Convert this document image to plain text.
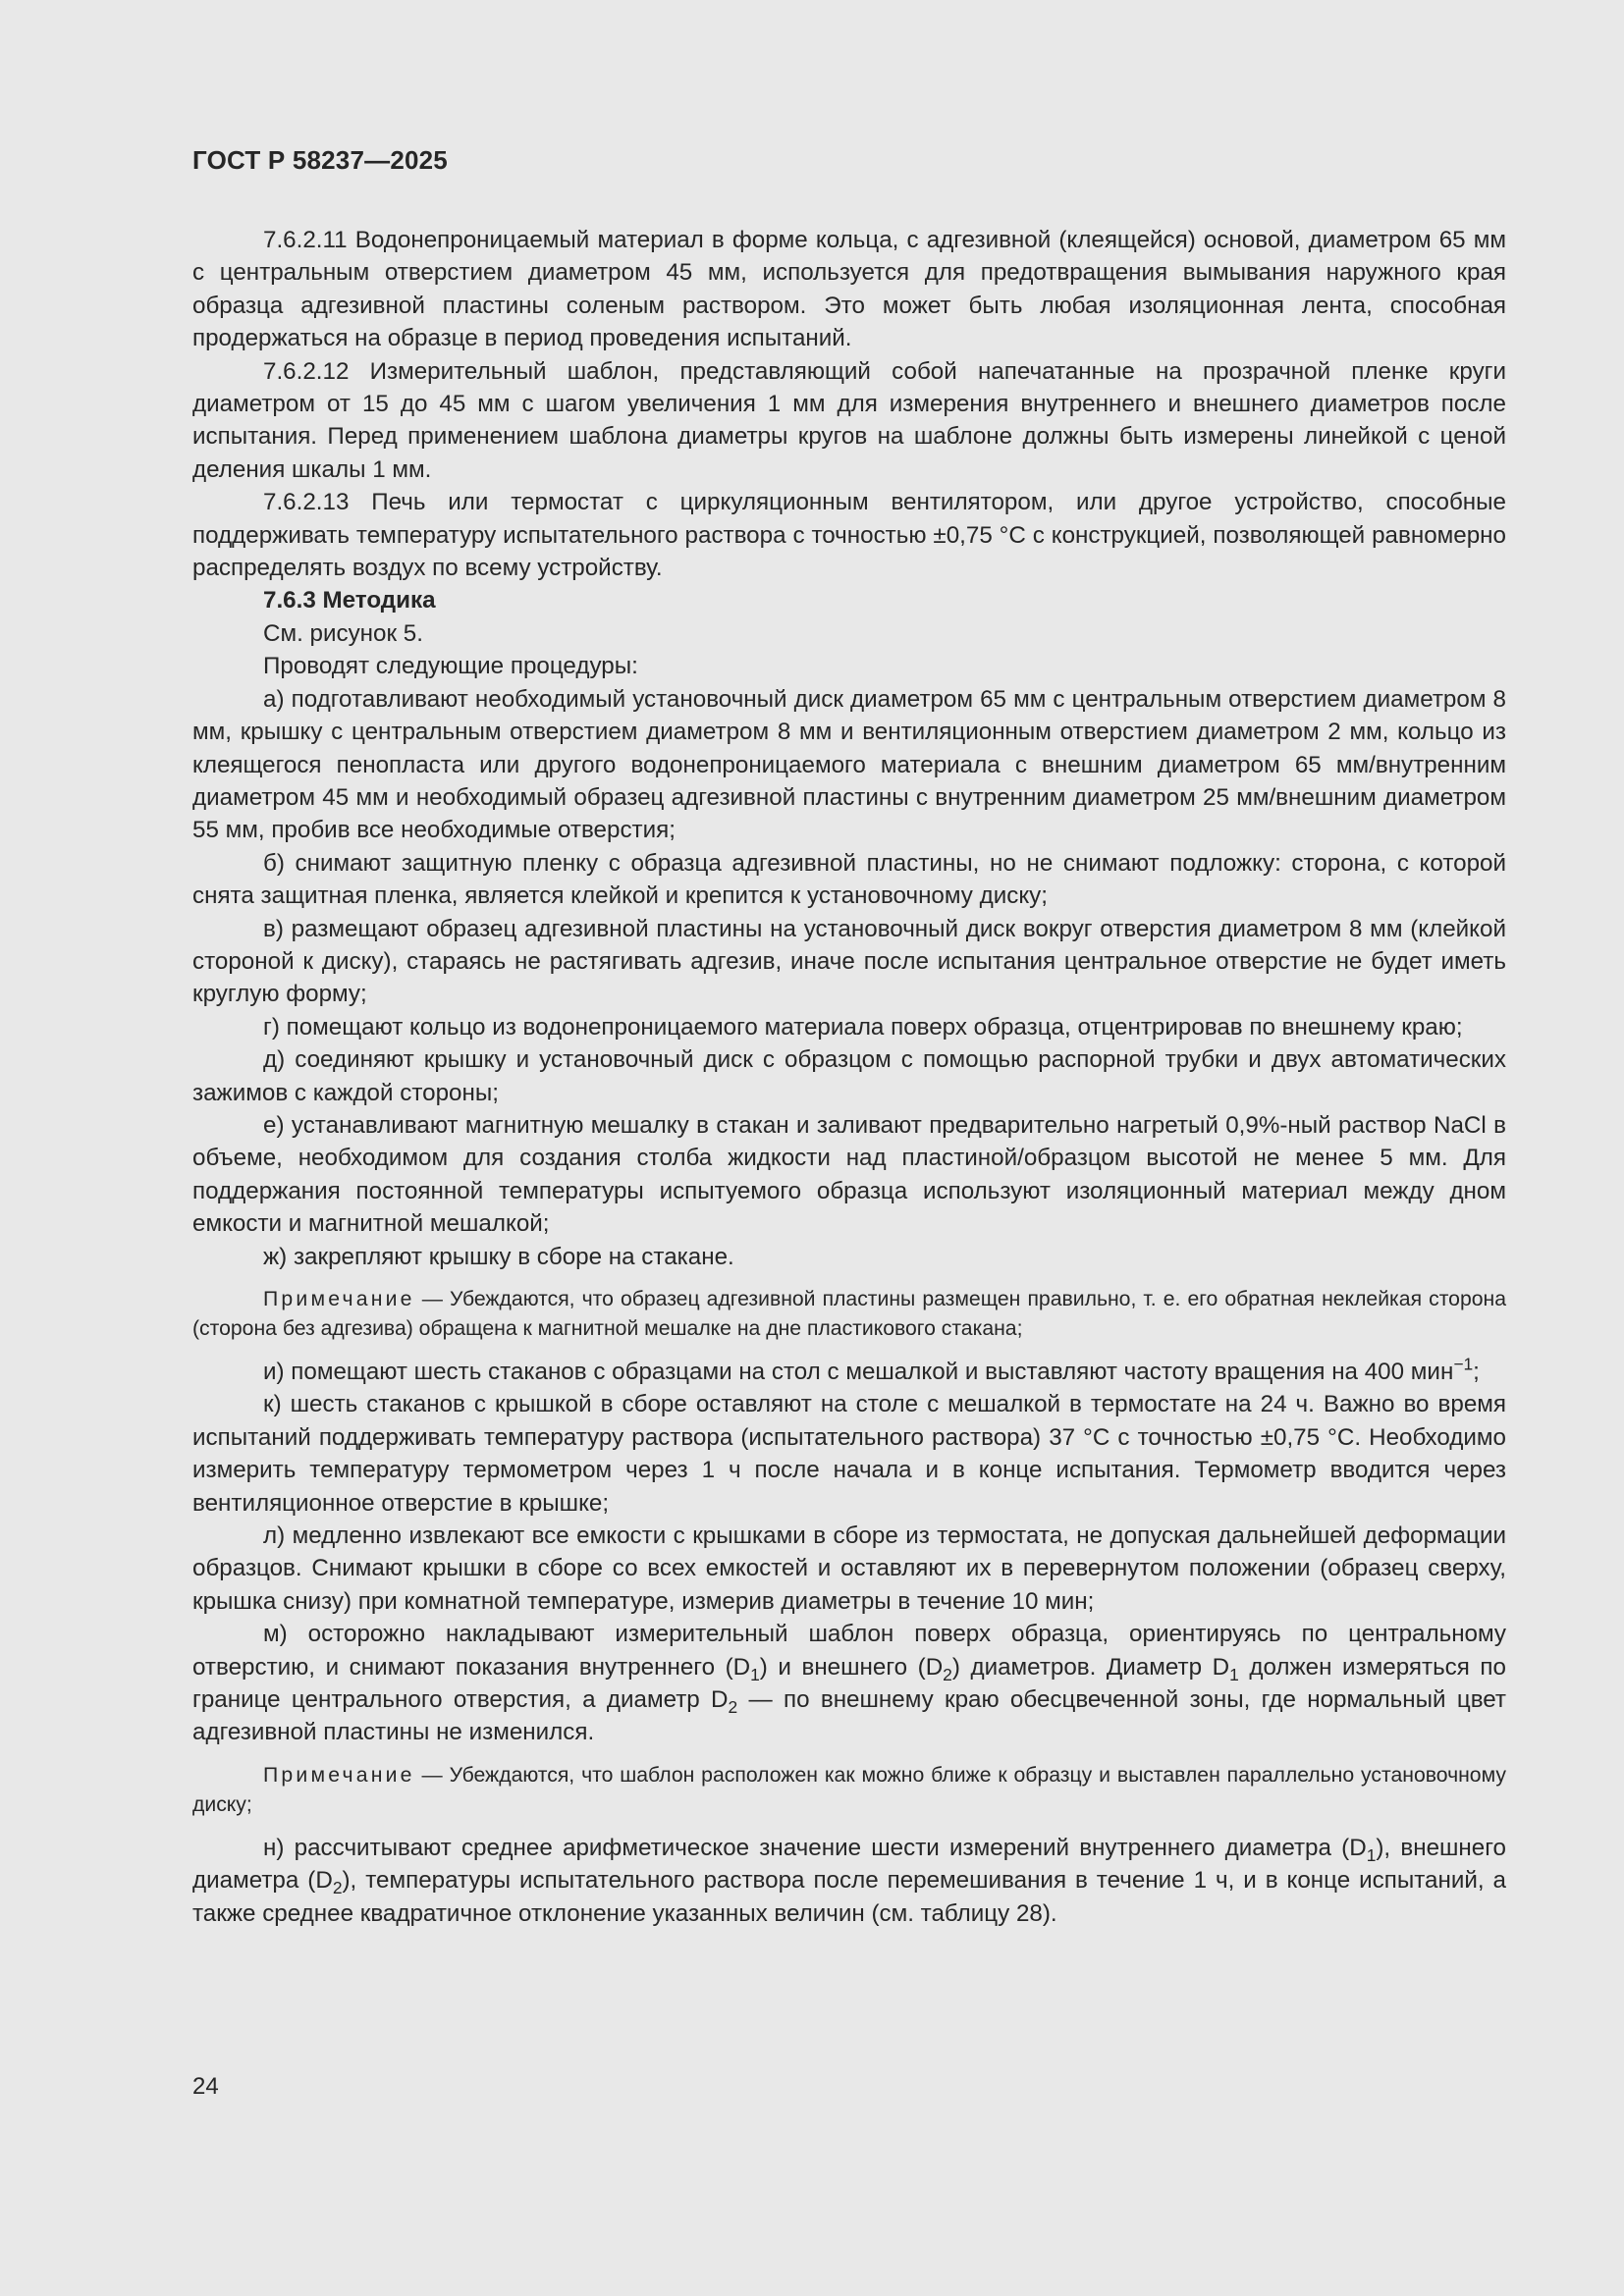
ГОСТ Р 58237—2025

7.6.2.11 Водонепроницаемый материал в форме кольца, с адгезивной (клеящейся) основой, диаметром 65 мм с центральным отверстием диаметром 45 мм, используется для предотвращения вымывания наружного края образца адгезивной пластины соленым раствором. Это может быть любая изоляционная лента, способная продержаться на образце в период проведения испытаний.

7.6.2.12 Измерительный шаблон, представляющий собой напечатанные на прозрачной пленке круги диаметром от 15 до 45 мм с шагом увеличения 1 мм для измерения внутреннего и внешнего диаметров после испытания. Перед применением шаблона диаметры кругов на шаблоне должны быть измерены линейкой с ценой деления шкалы 1 мм.

7.6.2.13 Печь или термостат с циркуляционным вентилятором, или другое устройство, способные поддерживать температуру испытательного раствора с точностью ±0,75 °С с конструкцией, позволяющей равномерно распределять воздух по всему устройству.

7.6.3 Методика

См. рисунок 5.

Проводят следующие процедуры:

а) подготавливают необходимый установочный диск диаметром 65 мм с центральным отверстием диаметром 8 мм, крышку с центральным отверстием диаметром 8 мм и вентиляционным отверстием диаметром 2 мм, кольцо из клеящегося пенопласта или другого водонепроницаемого материала с внешним диаметром 65 мм/внутренним диаметром 45 мм и необходимый образец адгезивной пластины с внутренним диаметром 25 мм/внешним диаметром 55 мм, пробив все необходимые отверстия;

б) снимают защитную пленку с образца адгезивной пластины, но не снимают подложку: сторона, с которой снята защитная пленка, является клейкой и крепится к установочному диску;

в) размещают образец адгезивной пластины на установочный диск вокруг отверстия диаметром 8 мм (клейкой стороной к диску), стараясь не растягивать адгезив, иначе после испытания центральное отверстие не будет иметь круглую форму;

г) помещают кольцо из водонепроницаемого материала поверх образца, отцентрировав по внешнему краю;

д) соединяют крышку и установочный диск с образцом с помощью распорной трубки и двух автоматических зажимов с каждой стороны;

е) устанавливают магнитную мешалку в стакан и заливают предварительно нагретый 0,9%-ный раствор NaCl в объеме, необходимом для создания столба жидкости над пластиной/образцом высотой не менее 5 мм. Для поддержания постоянной температуры испытуемого образца используют изоляционный материал между дном емкости и магнитной мешалкой;

ж) закрепляют крышку в сборе на стакане.

Примечание — Убеждаются, что образец адгезивной пластины размещен правильно, т. е. его обратная неклейкая сторона (сторона без адгезива) обращена к магнитной мешалке на дне пластикового стакана;

и) помещают шесть стаканов с образцами на стол с мешалкой и выставляют частоту вращения на 400 мин$^{-1}$;

к) шесть стаканов с крышкой в сборе оставляют на столе с мешалкой в термостате на 24 ч. Важно во время испытаний поддерживать температуру раствора (испытательного раствора) 37 °С с точностью ±0,75 °С. Необходимо измерить температуру термометром через 1 ч после начала и в конце испытания. Термометр вводится через вентиляционное отверстие в крышке;

л) медленно извлекают все емкости с крышками в сборе из термостата, не допуская дальнейшей деформации образцов. Снимают крышки в сборе со всех емкостей и оставляют их в перевернутом положении (образец сверху, крышка снизу) при комнатной температуре, измерив диаметры в течение 10 мин;

м) осторожно накладывают измерительный шаблон поверх образца, ориентируясь по центральному отверстию, и снимают показания внутреннего $(D_1)$ и внешнего $(D_2)$ диаметров. Диаметр $D_1$ должен измеряться по границе центрального отверстия, а диаметр $D_2$ — по внешнему краю обесцвеченной зоны, где нормальный цвет адгезивной пластины не изменился.

Примечание — Убеждаются, что шаблон расположен как можно ближе к образцу и выставлен параллельно установочному диску;

н) рассчитывают среднее арифметическое значение шести измерений внутреннего диаметра $(D_1)$, внешнего диаметра $(D_2)$, температуры испытательного раствора после перемешивания в течение 1 ч, и в конце испытаний, а также среднее квадратичное отклонение указанных величин (см. таблицу 28).

24
